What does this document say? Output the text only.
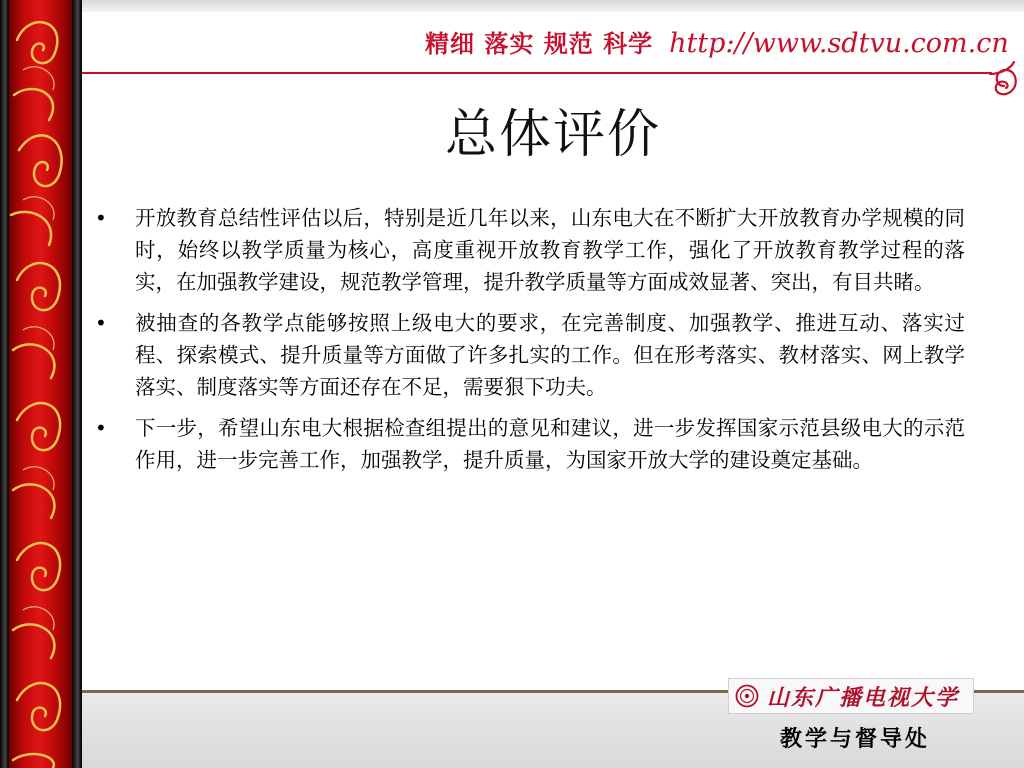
精细 落实 规范 科学 http://www.sdtvu.com.cn
总体评价
• 开放教育总结性评估以后，特别是近几年以来，山东电大在不断扩大开放教育办学规模的同时，始终以教学质量为核心，高度重视开放教育教学工作，强化了开放教育教学过程的落实，在加强教学建设，规范教学管理，提升教学质量等方面成效显著、突出，有目共睹。
• 被抽查的各教学点能够按照上级电大的要求，在完善制度、加强教学、推进互动、落实过程、探索模式、提升质量等方面做了许多扎实的工作。但在形考落实、教材落实、网上教学落实、制度落实等方面还存在不足，需要狠下功夫。
• 下一步，希望山东电大根据检查组提出的意见和建议，进一步发挥国家示范县级电大的示范作用，进一步完善工作，加强教学，提升质量，为国家开放大学的建设奠定基础。
山东广播电视大学
教学与督导处
